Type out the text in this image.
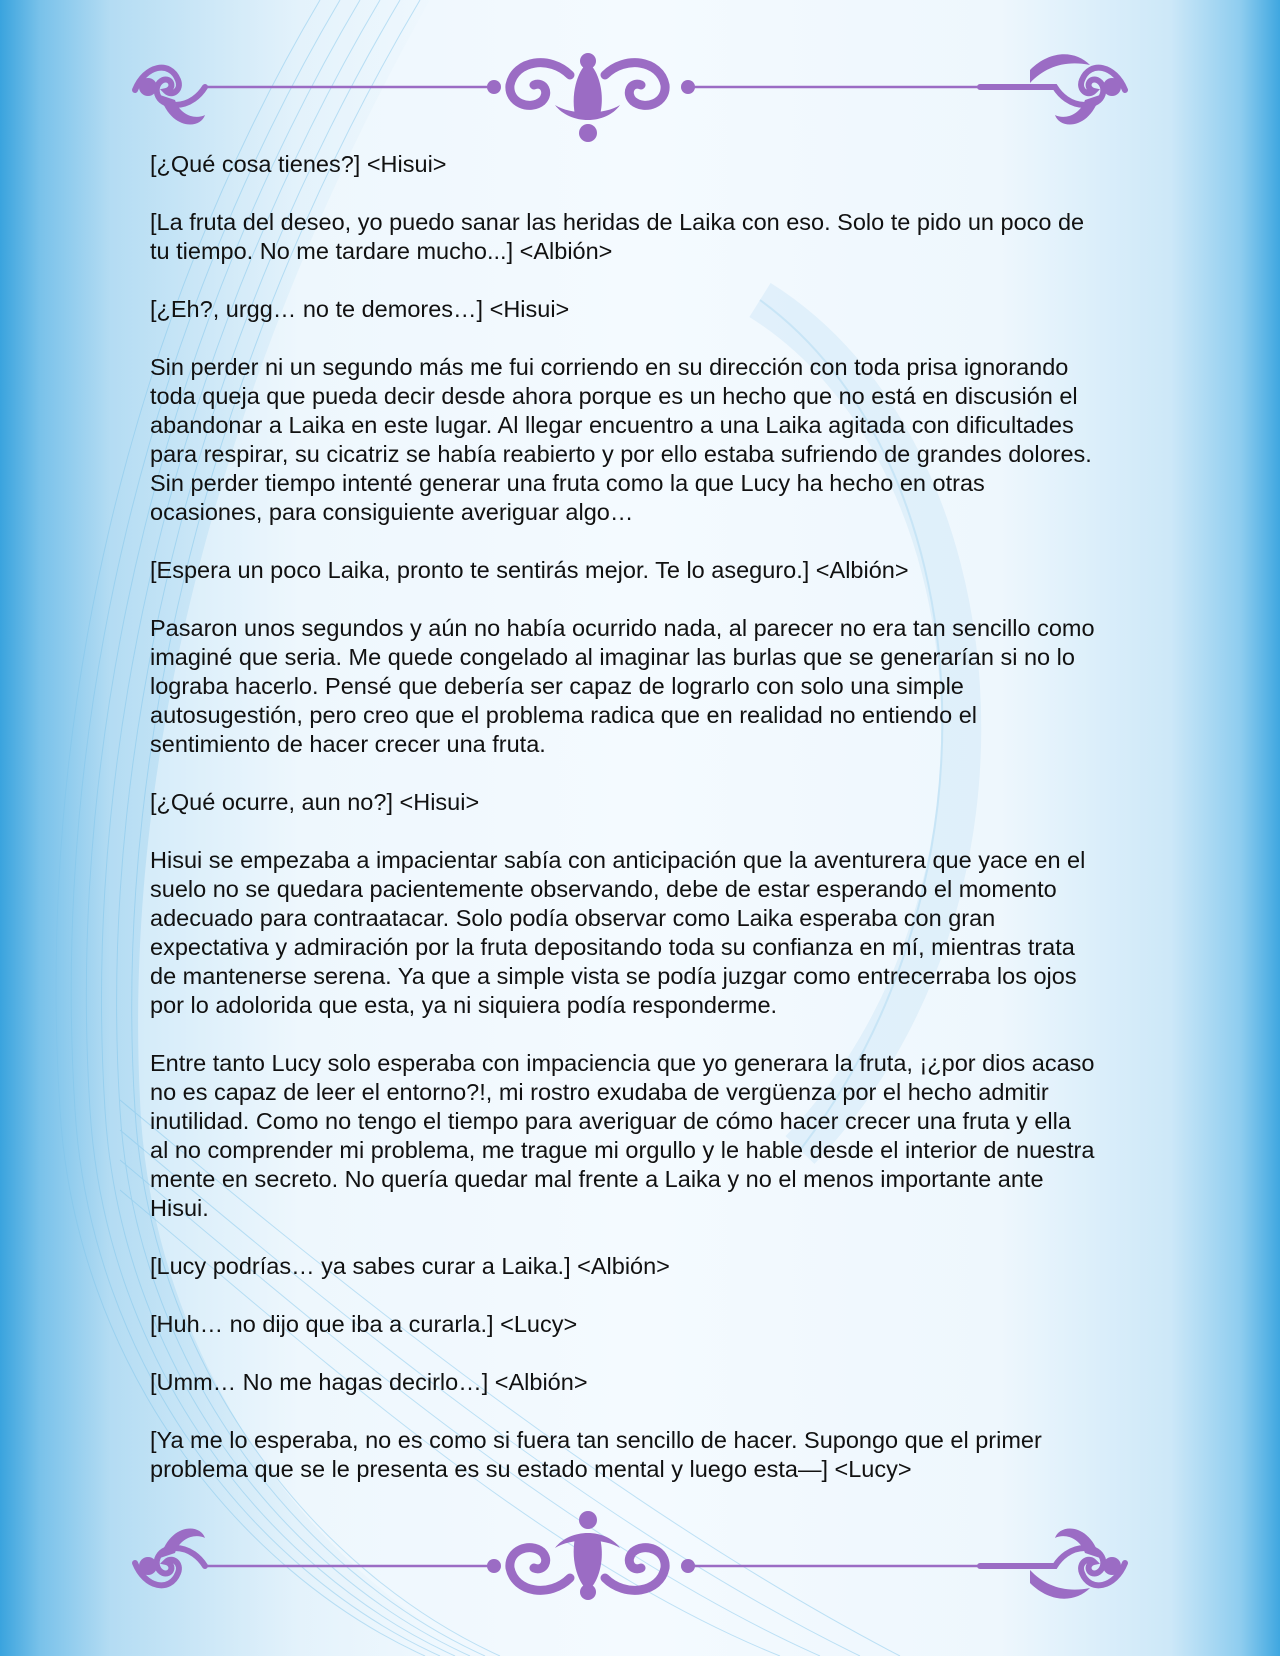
[¿Qué cosa tienes?] <Hisui>

[La fruta del deseo, yo puedo sanar las heridas de Laika con eso. Solo te pido un poco de tu tiempo. No me tardare mucho...] <Albión>

[¿Eh?, urgg… no te demores…] <Hisui>

Sin perder ni un segundo más me fui corriendo en su dirección con toda prisa ignorando toda queja que pueda decir desde ahora porque es un hecho que no está en discusión el abandonar a Laika en este lugar. Al llegar encuentro a una Laika agitada con dificultades para respirar, su cicatriz se había reabierto y por ello estaba sufriendo de grandes dolores. Sin perder tiempo intenté generar una fruta como la que Lucy ha hecho en otras ocasiones, para consiguiente averiguar algo…

[Espera un poco Laika, pronto te sentirás mejor. Te lo aseguro.] <Albión>

Pasaron unos segundos y aún no había ocurrido nada, al parecer no era tan sencillo como imaginé que seria. Me quede congelado al imaginar las burlas que se generarían si no lo lograba hacerlo. Pensé que debería ser capaz de lograrlo con solo una simple autosugestión, pero creo que el problema radica que en realidad no entiendo el sentimiento de hacer crecer una fruta.

[¿Qué ocurre, aun no?] <Hisui>

Hisui se empezaba a impacientar sabía con anticipación que la aventurera que yace en el suelo no se quedara pacientemente observando, debe de estar esperando el momento adecuado para contraatacar. Solo podía observar como Laika esperaba con gran expectativa y admiración por la fruta depositando toda su confianza en mí, mientras trata de mantenerse serena. Ya que a simple vista se podía juzgar como entrecerraba los ojos por lo adolorida que esta, ya ni siquiera podía responderme.

Entre tanto Lucy solo esperaba con impaciencia que yo generara la fruta, ¡¿por dios acaso no es capaz de leer el entorno?!, mi rostro exudaba de vergüenza por el hecho admitir inutilidad. Como no tengo el tiempo para averiguar de cómo hacer crecer una fruta y ella al no comprender mi problema, me trague mi orgullo y le hable desde el interior de nuestra mente en secreto. No quería quedar mal frente a Laika y no el menos importante ante Hisui.

[Lucy podrías… ya sabes curar a Laika.] <Albión>

[Huh… no dijo que iba a curarla.] <Lucy>

[Umm… No me hagas decirlo…] <Albión>

[Ya me lo esperaba, no es como si fuera tan sencillo de hacer. Supongo que el primer problema que se le presenta es su estado mental y luego esta—] <Lucy>
